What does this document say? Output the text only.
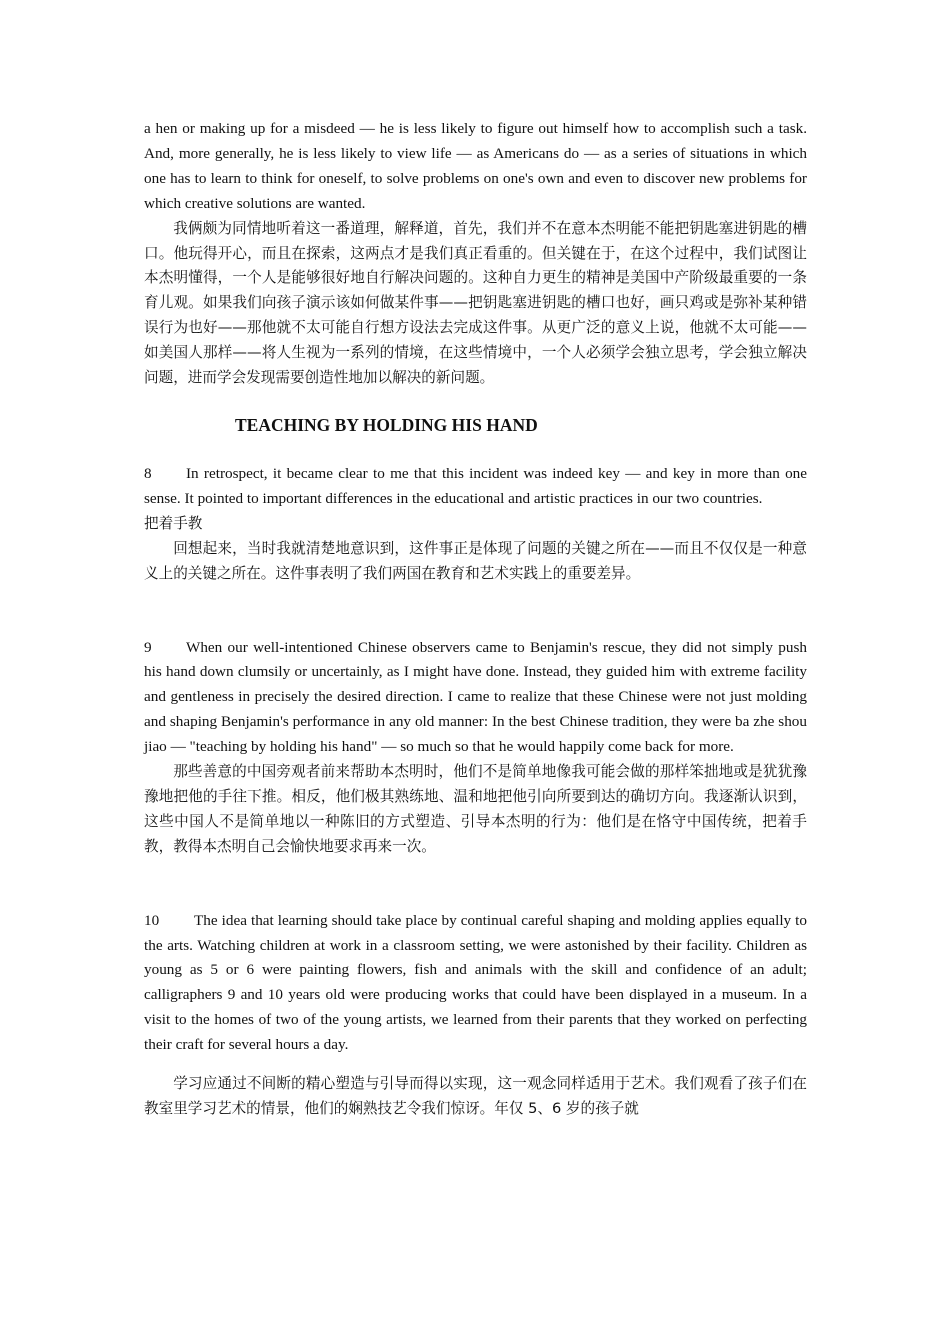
a hen or making up for a misdeed — he is less likely to figure out himself how to accomplish such a task. And, more generally, he is less likely to view life — as Americans do — as a series of situations in which one has to learn to think for oneself, to solve problems on one's own and even to discover new problems for which creative solutions are wanted.

我俩颇为同情地听着这一番道理，解释道，首先，我们并不在意本杰明能不能把钥匙塞进钥匙的槽口。他玩得开心，而且在探索，这两点才是我们真正看重的。但关键在于，在这个过程中，我们试图让本杰明懂得，一个人是能够很好地自行解决问题的。这种自力更生的精神是美国中产阶级最重要的一条育儿观。如果我们向孩子演示该如何做某件事——把钥匙塞进钥匙的槽口也好，画只鸡或是弥补某种错误行为也好——那他就不太可能自行想方设法去完成这件事。从更广泛的意义上说，他就不太可能——如美国人那样——将人生视为一系列的情境，在这些情境中，一个人必须学会独立思考，学会独立解决问题，进而学会发现需要创造性地加以解决的新问题。

TEACHING BY HOLDING HIS HAND

8 In retrospect, it became clear to me that this incident was indeed key — and key in more than one sense. It pointed to important differences in the educational and artistic practices in our two countries.

把着手教

回想起来，当时我就清楚地意识到，这件事正是体现了问题的关键之所在——而且不仅仅是一种意义上的关键之所在。这件事表明了我们两国在教育和艺术实践上的重要差异。

9 When our well-intentioned Chinese observers came to Benjamin's rescue, they did not simply push his hand down clumsily or uncertainly, as I might have done. Instead, they guided him with extreme facility and gentleness in precisely the desired direction. I came to realize that these Chinese were not just molding and shaping Benjamin's performance in any old manner: In the best Chinese tradition, they were ba zhe shou jiao — "teaching by holding his hand" — so much so that he would happily come back for more.

那些善意的中国旁观者前来帮助本杰明时，他们不是简单地像我可能会做的那样笨拙地或是犹犹豫豫地把他的手往下推。相反，他们极其熟练地、温和地把他引向所要到达的确切方向。我逐渐认识到，这些中国人不是简单地以一种陈旧的方式塑造、引导本杰明的行为：他们是在恪守中国传统，把着手教，教得本杰明自己会愉快地要求再来一次。

10 The idea that learning should take place by continual careful shaping and molding applies equally to the arts. Watching children at work in a classroom setting, we were astonished by their facility. Children as young as 5 or 6 were painting flowers, fish and animals with the skill and confidence of an adult; calligraphers 9 and 10 years old were producing works that could have been displayed in a museum. In a visit to the homes of two of the young artists, we learned from their parents that they worked on perfecting their craft for several hours a day.

学习应通过不间断的精心塑造与引导而得以实现，这一观念同样适用于艺术。我们观看了孩子们在教室里学习艺术的情景，他们的娴熟技艺令我们惊讶。年仅 5、6 岁的孩子就
